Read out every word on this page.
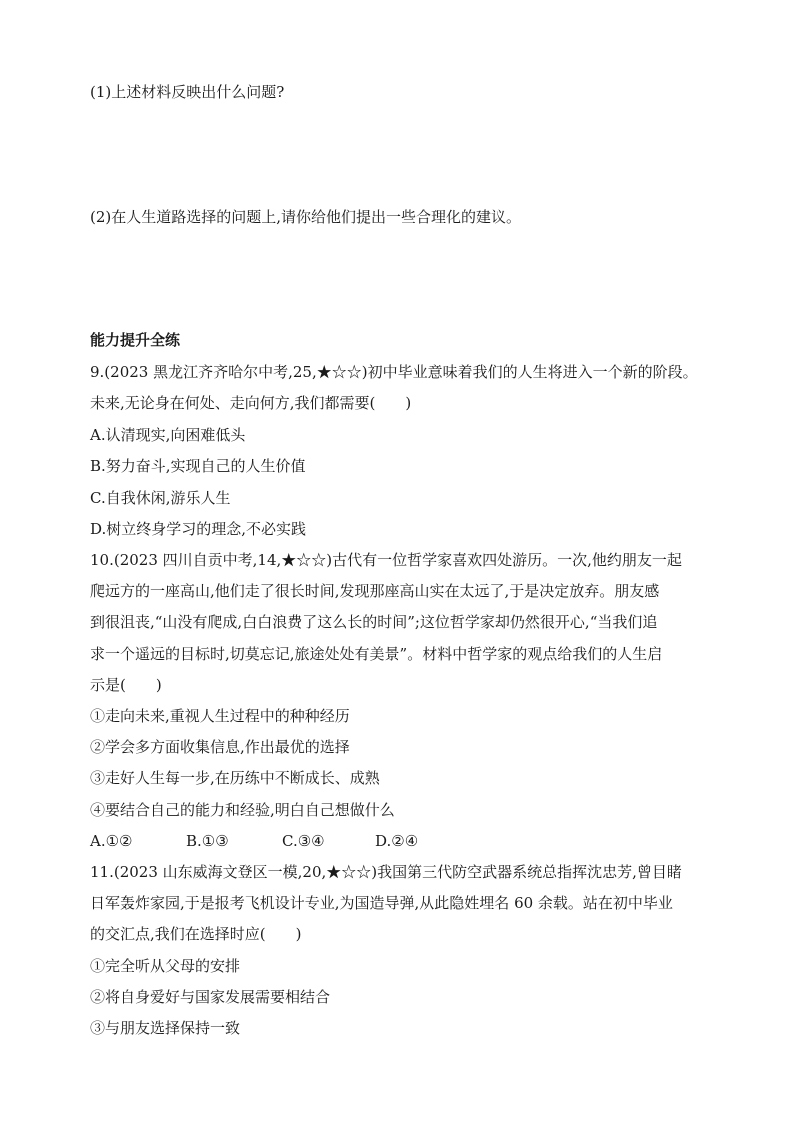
(1)上述材料反映出什么问题?
(2)在人生道路选择的问题上,请你给他们提出一些合理化的建议。
能力提升全练
9.(2023 黑龙江齐齐哈尔中考,25,★☆☆)初中毕业意味着我们的人生将进入一个新的阶段。
未来,无论身在何处、走向何方,我们都需要(　　)
A.认清现实,向困难低头
B.努力奋斗,实现自己的人生价值
C.自我休闲,游乐人生
D.树立终身学习的理念,不必实践
10.(2023 四川自贡中考,14,★☆☆)古代有一位哲学家喜欢四处游历。一次,他约朋友一起
爬远方的一座高山,他们走了很长时间,发现那座高山实在太远了,于是决定放弃。朋友感
到很沮丧,“山没有爬成,白白浪费了这么长的时间”;这位哲学家却仍然很开心,“当我们追
求一个遥远的目标时,切莫忘记,旅途处处有美景”。材料中哲学家的观点给我们的人生启
示是(　　)
①走向未来,重视人生过程中的种种经历
②学会多方面收集信息,作出最优的选择
③走好人生每一步,在历练中不断成长、成熟
④要结合自己的能力和经验,明白自己想做什么
A.①②	B.①③	C.③④	D.②④
11.(2023 山东威海文登区一模,20,★☆☆)我国第三代防空武器系统总指挥沈忠芳,曾目睹
日军轰炸家园,于是报考飞机设计专业,为国造导弹,从此隐姓埋名 60 余载。站在初中毕业
的交汇点,我们在选择时应(　　)
①完全听从父母的安排
②将自身爱好与国家发展需要相结合
③与朋友选择保持一致
